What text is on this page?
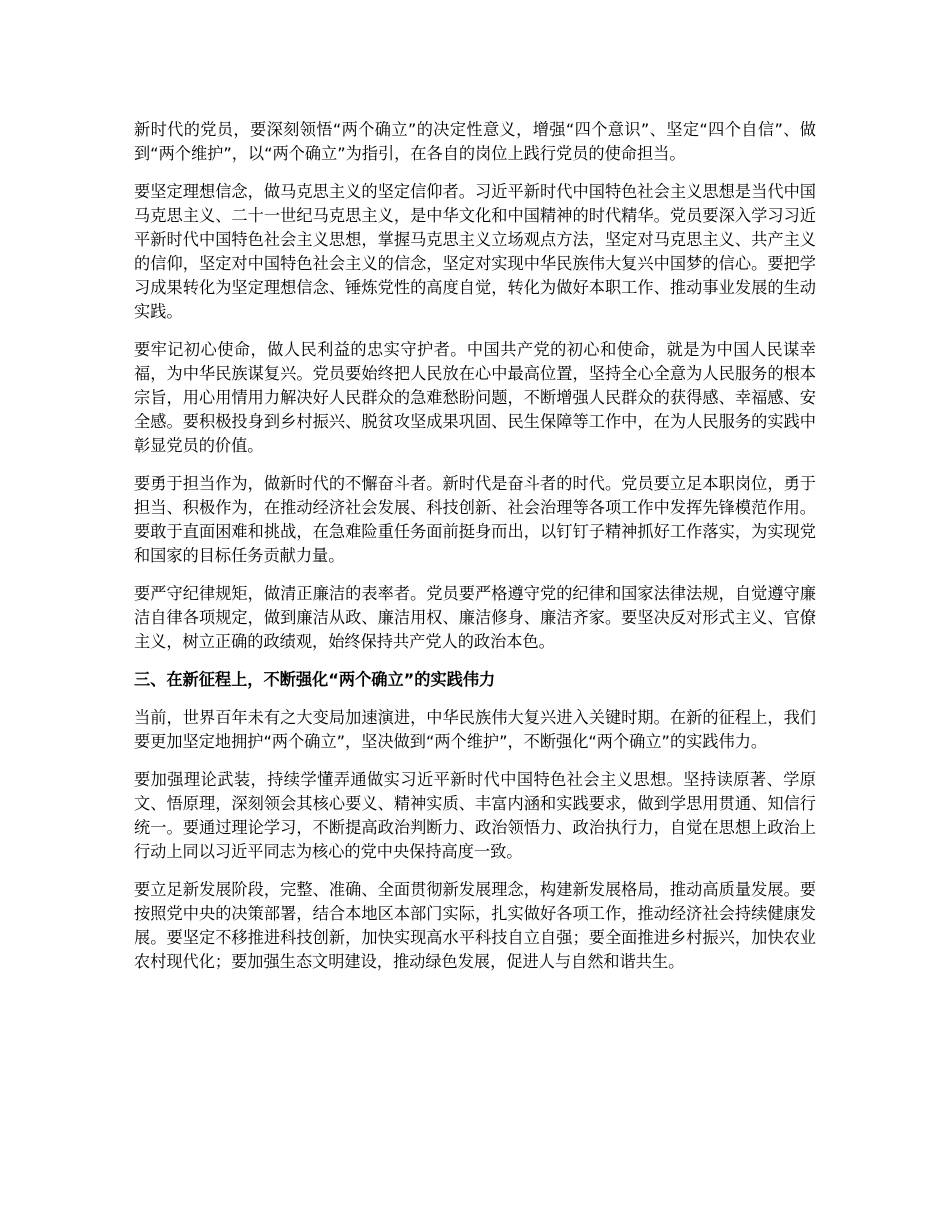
新时代的党员，要深刻领悟“两个确立”的决定性意义，增强“四个意识”、坚定“四个自信”、做到“两个维护”，以“两个确立”为指引，在各自的岗位上践行党员的使命担当。

要坚定理想信念，做马克思主义的坚定信仰者。习近平新时代中国特色社会主义思想是当代中国马克思主义、二十一世纪马克思主义，是中华文化和中国精神的时代精华。党员要深入学习习近平新时代中国特色社会主义思想，掌握马克思主义立场观点方法，坚定对马克思主义、共产主义的信仰，坚定对中国特色社会主义的信念，坚定对实现中华民族伟大复兴中国梦的信心。要把学习成果转化为坚定理想信念、锤炼党性的高度自觉，转化为做好本职工作、推动事业发展的生动实践。

要牢记初心使命，做人民利益的忠实守护者。中国共产党的初心和使命，就是为中国人民谋幸福，为中华民族谋复兴。党员要始终把人民放在心中最高位置，坚持全心全意为人民服务的根本宗旨，用心用情用力解决好人民群众的急难愁盼问题，不断增强人民群众的获得感、幸福感、安全感。要积极投身到乡村振兴、脱贫攻坚成果巩固、民生保障等工作中，在为人民服务的实践中彰显党员的价值。

要勇于担当作为，做新时代的不懈奋斗者。新时代是奋斗者的时代。党员要立足本职岗位，勇于担当、积极作为，在推动经济社会发展、科技创新、社会治理等各项工作中发挥先锋模范作用。要敢于直面困难和挑战，在急难险重任务面前挺身而出，以钉钉子精神抓好工作落实，为实现党和国家的目标任务贡献力量。

要严守纪律规矩，做清正廉洁的表率者。党员要严格遵守党的纪律和国家法律法规，自觉遵守廉洁自律各项规定，做到廉洁从政、廉洁用权、廉洁修身、廉洁齐家。要坚决反对形式主义、官僚主义，树立正确的政绩观，始终保持共产党人的政治本色。

三、在新征程上，不断强化“两个确立”的实践伟力

当前，世界百年未有之大变局加速演进，中华民族伟大复兴进入关键时期。在新的征程上，我们要更加坚定地拥护“两个确立”，坚决做到“两个维护”，不断强化“两个确立”的实践伟力。

要加强理论武装，持续学懂弄通做实习近平新时代中国特色社会主义思想。坚持读原著、学原文、悟原理，深刻领会其核心要义、精神实质、丰富内涵和实践要求，做到学思用贯通、知信行统一。要通过理论学习，不断提高政治判断力、政治领悟力、政治执行力，自觉在思想上政治上行动上同以习近平同志为核心的党中央保持高度一致。

要立足新发展阶段，完整、准确、全面贯彻新发展理念，构建新发展格局，推动高质量发展。要按照党中央的决策部署，结合本地区本部门实际，扎实做好各项工作，推动经济社会持续健康发展。要坚定不移推进科技创新，加快实现高水平科技自立自强；要全面推进乡村振兴，加快农业农村现代化；要加强生态文明建设，推动绿色发展，促进人与自然和谐共生。
